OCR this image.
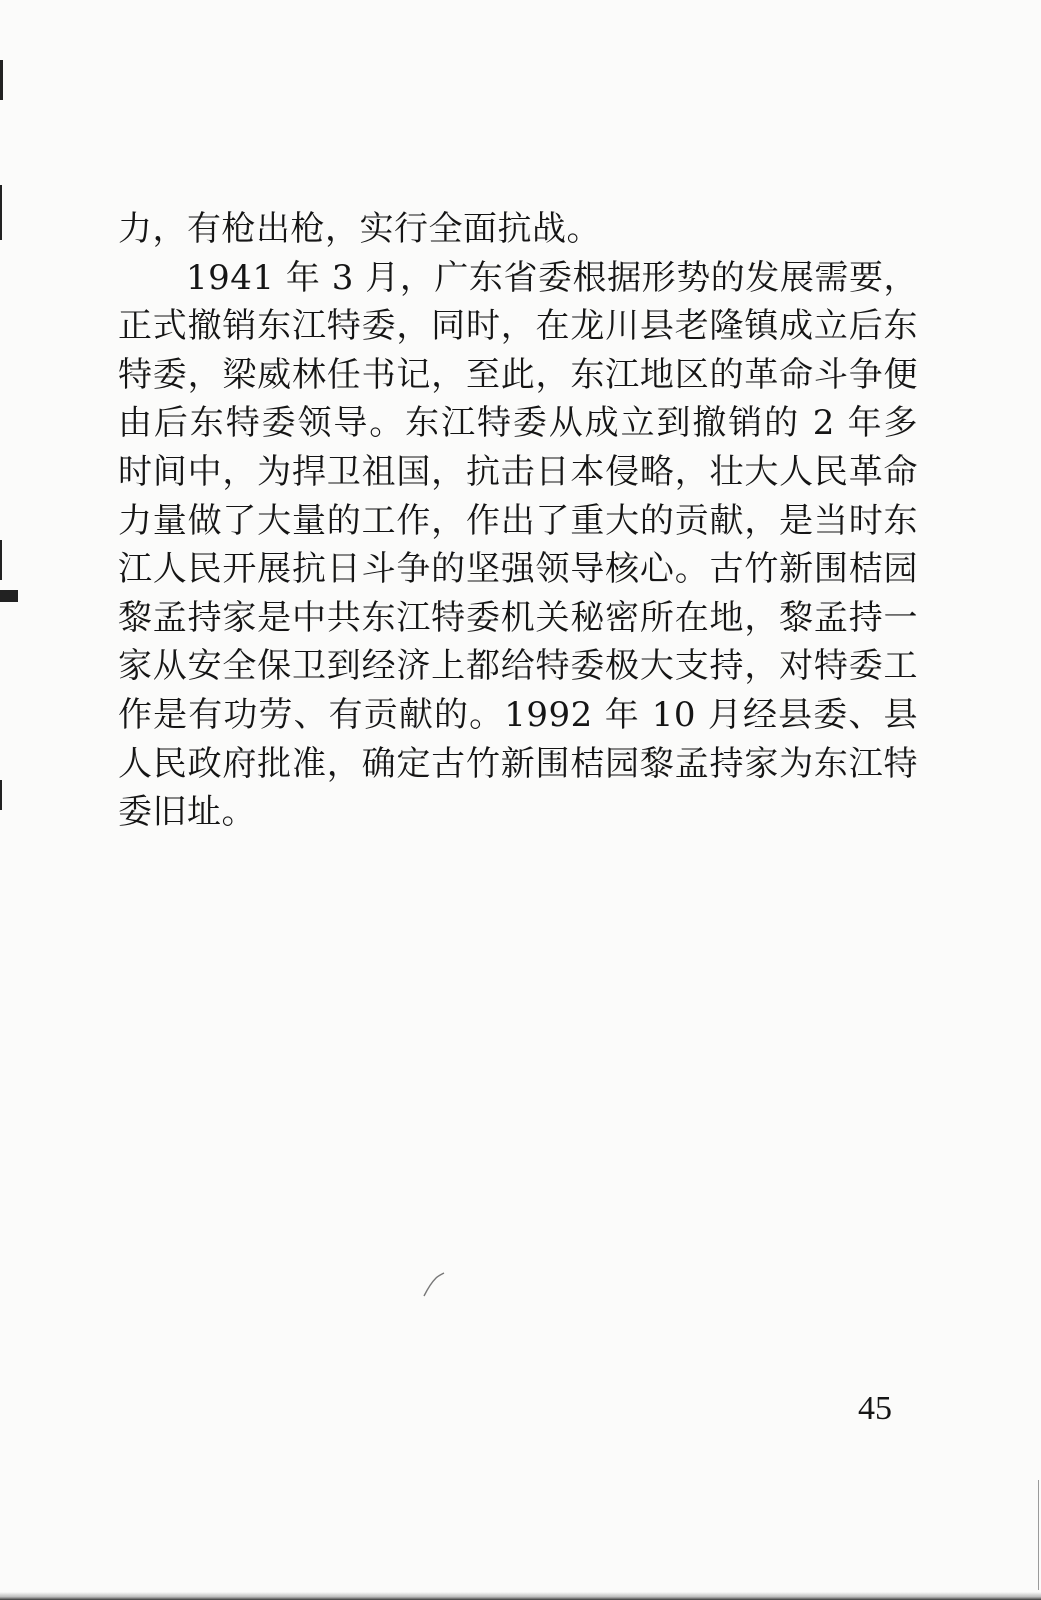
力，有枪出枪，实行全面抗战。

1941 年 3 月，广东省委根据形势的发展需要，正式撤销东江特委，同时，在龙川县老隆镇成立后东特委，梁威林任书记，至此，东江地区的革命斗争便由后东特委领导。东江特委从成立到撤销的 2 年多时间中，为捍卫祖国，抗击日本侵略，壮大人民革命力量做了大量的工作，作出了重大的贡献，是当时东江人民开展抗日斗争的坚强领导核心。古竹新围桔园黎孟持家是中共东江特委机关秘密所在地，黎孟持一家从安全保卫到经济上都给特委极大支持，对特委工作是有功劳、有贡献的。1992 年 10 月经县委、县人民政府批准，确定古竹新围桔园黎孟持家为东江特委旧址。

45
